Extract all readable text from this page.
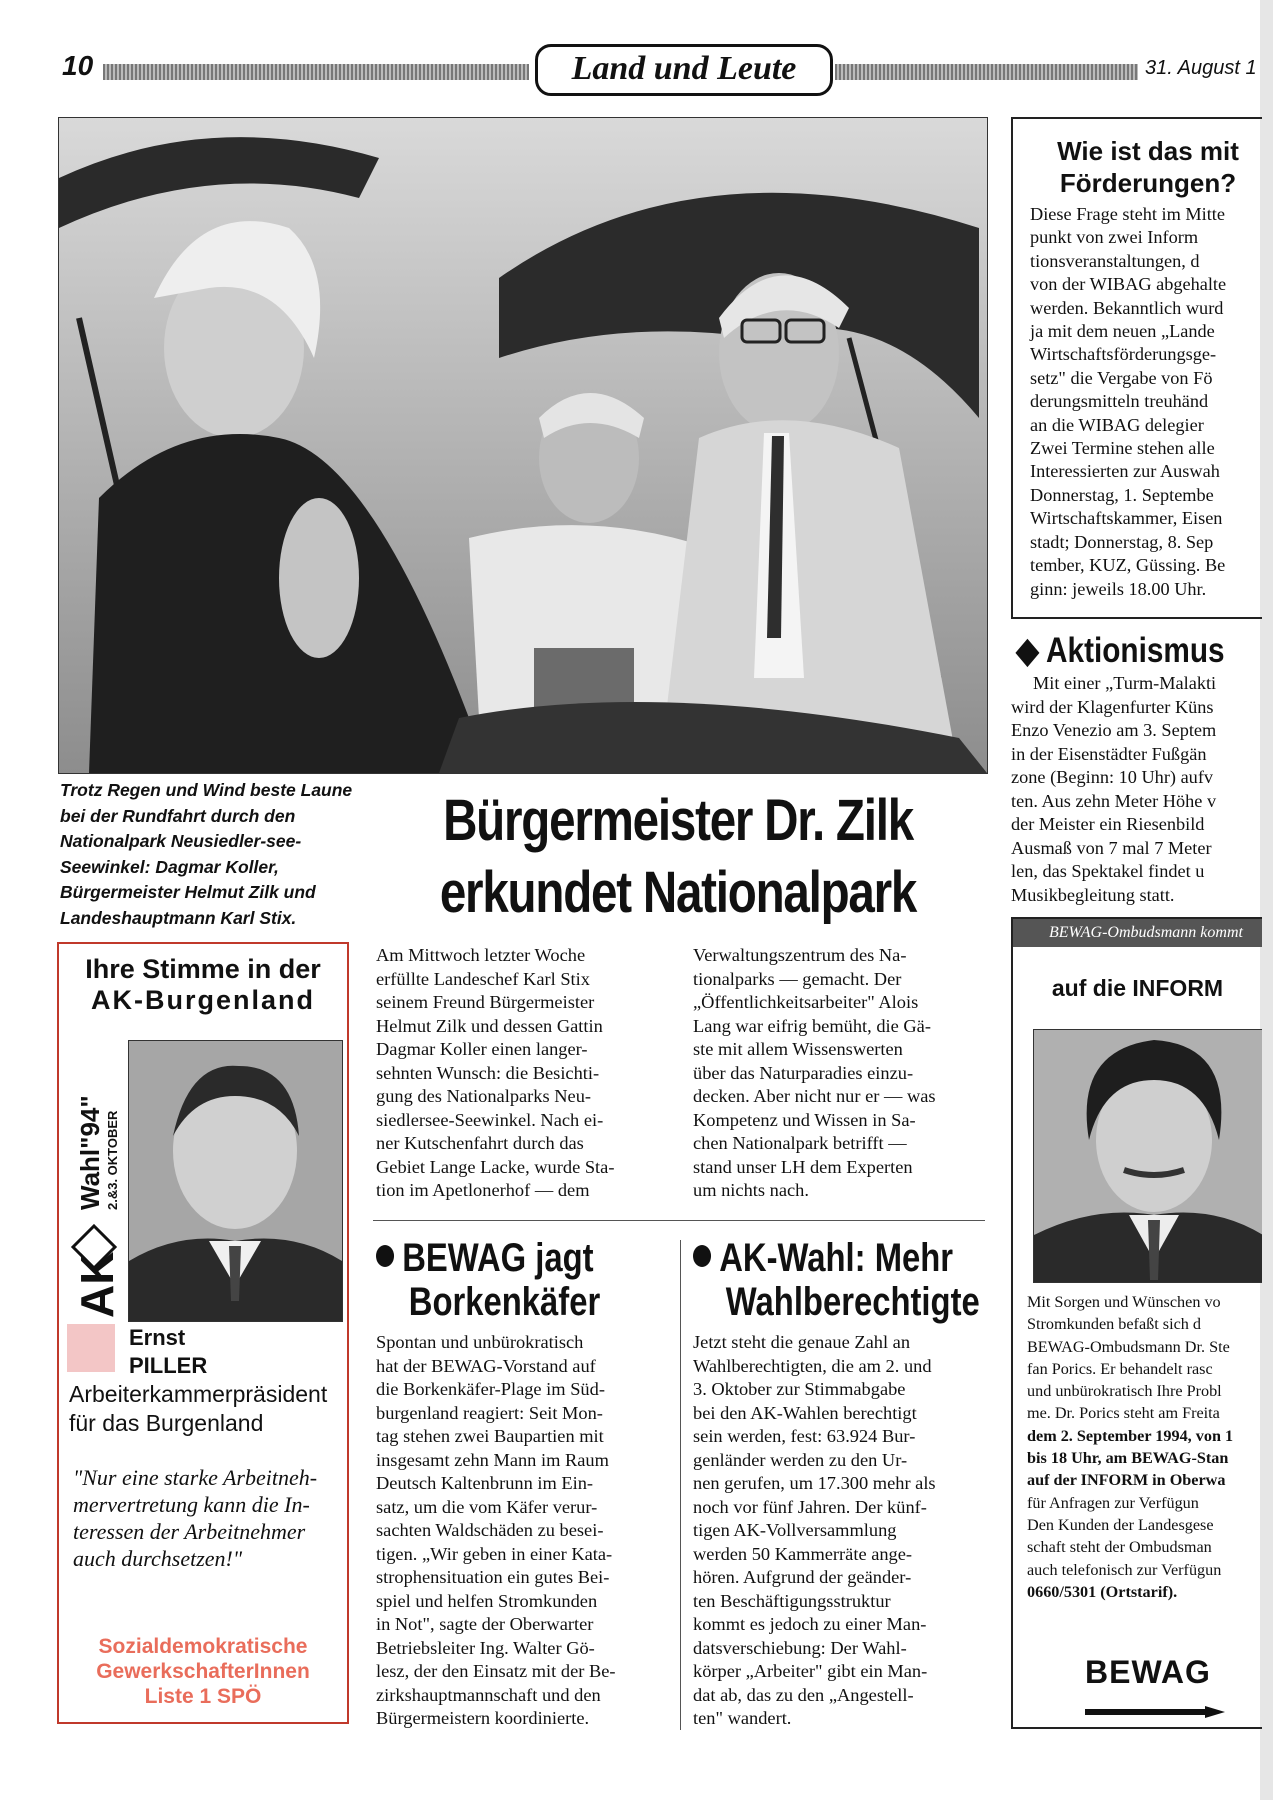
10	Land und Leute	31. August 1
Trotz Regen und Wind beste Laune bei der Rundfahrt durch den Nationalpark Neusiedler-see- Seewinkel: Dagmar Koller, Bürgermeister Helmut Zilk und Landeshauptmann Karl Stix.
Bürgermeister Dr. Zilk
erkundet Nationalpark
Am Mittwoch letzter Woche
erfüllte Landeschef Karl Stix
seinem Freund Bürgermeister
Helmut Zilk und dessen Gattin
Dagmar Koller einen langer-
sehnten Wunsch: die Besichti-
gung des Nationalparks Neu-
siedlersee-Seewinkel. Nach ei-
ner Kutschenfahrt durch das
Gebiet Lange Lacke, wurde Sta-
tion im Apetlonerhof — dem
Verwaltungszentrum des Na-
tionalparks — gemacht. Der
„Öffentlichkeitsarbeiter" Alois
Lang war eifrig bemüht, die Gä-
ste mit allem Wissenswerten
über das Naturparadies einzu-
decken. Aber nicht nur er — was
Kompetenz und Wissen in Sa-
chen Nationalpark betrifft —
stand unser LH dem Experten
um nichts nach.
BEWAG jagt
Borkenkäfer
Spontan und unbürokratisch
hat der BEWAG-Vorstand auf
die Borkenkäfer-Plage im Süd-
burgenland reagiert: Seit Mon-
tag stehen zwei Baupartien mit
insgesamt zehn Mann im Raum
Deutsch Kaltenbrunn im Ein-
satz, um die vom Käfer verur-
sachten Waldschäden zu besei-
tigen. „Wir geben in einer Kata-
strophensituation ein gutes Bei-
spiel und helfen Stromkunden
in Not", sagte der Oberwarter
Betriebsleiter Ing. Walter Gö-
lesz, der den Einsatz mit der Be-
zirkshauptmannschaft und den
Bürgermeistern koordinierte.
AK-Wahl: Mehr
Wahlberechtigte
Jetzt steht die genaue Zahl an
Wahlberechtigten, die am 2. und
3. Oktober zur Stimmabgabe
bei den AK-Wahlen berechtigt
sein werden, fest: 63.924 Bur-
genländer werden zu den Ur-
nen gerufen, um 17.300 mehr als
noch vor fünf Jahren. Der künf-
tigen AK-Vollversammlung
werden 50 Kammerräte ange-
hören. Aufgrund der geänder-
ten Beschäftigungsstruktur
kommt es jedoch zu einer Man-
datsverschiebung: Der Wahl-
körper „Arbeiter" gibt ein Man-
dat ab, das zu den „Angestell-
ten" wandert.
Ihre Stimme in der
AK-Burgenland
Wahl"94" 2.&3. OKTOBER
AK
Ernst
PILLER
Arbeiterkammerpräsident
für das Burgenland
"Nur eine starke Arbeitneh-mervertretung kann die In-teressen der Arbeitnehmer auch durchsetzen!"
Sozialdemokratische
GewerkschafterInnen
Liste 1 SPÖ
Wie ist das mit
Förderungen?
Diese Frage steht im Mitte
punkt von zwei Inform
tionsveranstaltungen, d
von der WIBAG abgehalte
werden. Bekanntlich wurd
ja mit dem neuen „Lande
Wirtschaftsförderungsge-
setz" die Vergabe von Fö
derungsmitteln treuhänd
an die WIBAG delegier
Zwei Termine stehen alle
Interessierten zur Auswah
Donnerstag, 1. Septembe
Wirtschaftskammer, Eisen
stadt; Donnerstag, 8. Sep
tember, KUZ, Güssing. Be
ginn: jeweils 18.00 Uhr.
◆ Aktionismus
Mit einer „Turm-Malakti
wird der Klagenfurter Küns
Enzo Venezio am 3. Septem
in der Eisenstädter Fußgän
zone (Beginn: 10 Uhr) aufv
ten. Aus zehn Meter Höhe v
der Meister ein Riesenbild
Ausmaß von 7 mal 7 Meter
len, das Spektakel findet u
Musikbegleitung statt.
BEWAG-Ombudsmann kommt
auf die INFORM
Mit Sorgen und Wünschen vo
Stromkunden befaßt sich d
BEWAG-Ombudsmann Dr. Ste
fan Porics. Er behandelt rasc
und unbürokratisch Ihre Probl
me. Dr. Porics steht am Freita
dem 2. September 1994, von 1
bis 18 Uhr, am BEWAG-Stan
auf der INFORM in Oberwa
für Anfragen zur Verfügun
Den Kunden der Landesgese
schaft steht der Ombudsman
auch telefonisch zur Verfügun
0660/5301 (Ortstarif).
BEWAG
